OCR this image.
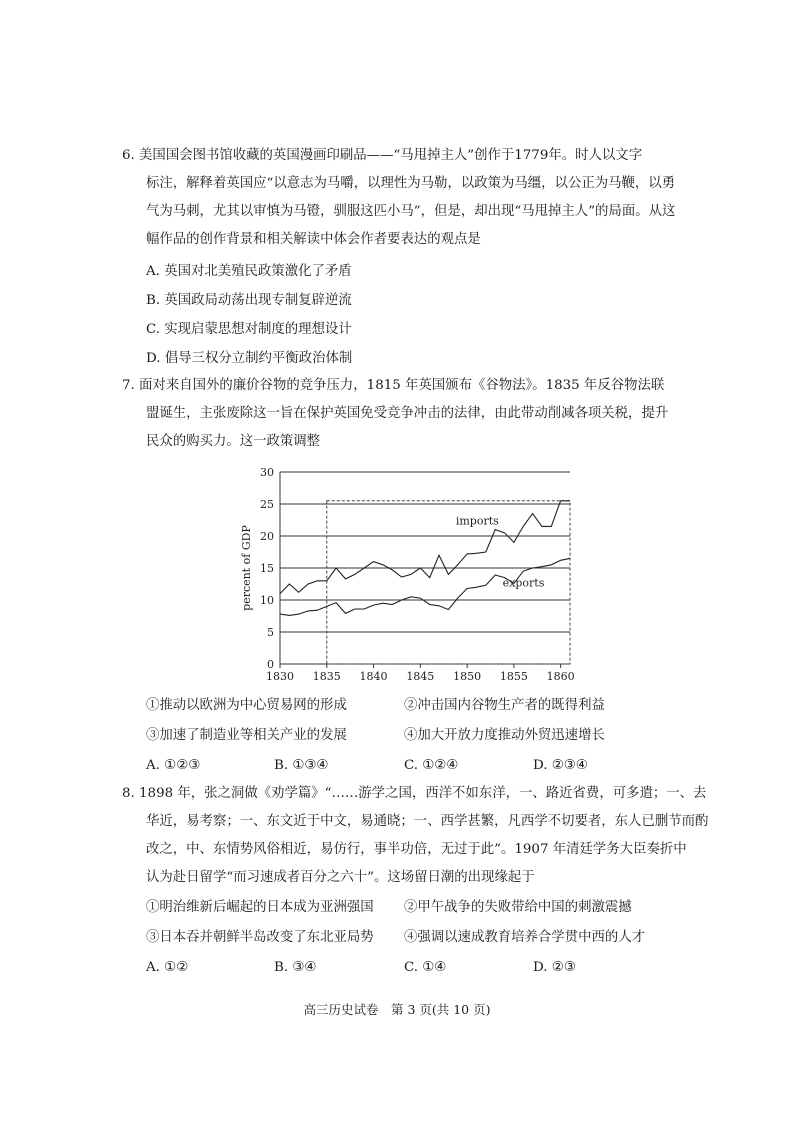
6. 美国国会图书馆收藏的英国漫画印刷品——“马甩掉主人”创作于1779年。时人以文字
标注，解释着英国应“以意志为马嚼，以理性为马勒，以政策为马缰，以公正为马鞭，以勇
气为马刺，尤其以审慎为马镫，驯服这匹小马”，但是，却出现“马甩掉主人”的局面。从这
幅作品的创作背景和相关解读中体会作者要表达的观点是
A. 英国对北美殖民政策激化了矛盾
B. 英国政局动荡出现专制复辟逆流
C. 实现启蒙思想对制度的理想设计
D. 倡导三权分立制约平衡政治体制
7. 面对来自国外的廉价谷物的竞争压力，1815 年英国颁布《谷物法》。1835 年反谷物法联
盟诞生，主张废除这一旨在保护英国免受竞争冲击的法律，由此带动削减各项关税，提升
民众的购买力。这一政策调整
0
5
10
15
20
25
30
1830 1835 1840 1845 1850 1855 1860
imports
exports
percent of GDP
①推动以欧洲为中心贸易网的形成	②冲击国内谷物生产者的既得利益
③加速了制造业等相关产业的发展	④加大开放力度推动外贸迅速增长
A. ①②③	B. ①③④	C. ①②④	D. ②③④
8. 1898 年，张之洞做《劝学篇》“……游学之国，西洋不如东洋，一、路近省费，可多遣；一、去
华近，易考察；一、东文近于中文，易通晓；一、西学甚繁，凡西学不切要者，东人已删节而酌
改之，中、东情势风俗相近，易仿行，事半功倍，无过于此”。1907 年清廷学务大臣奏折中
认为赴日留学“而习速成者百分之六十”。这场留日潮的出现缘起于
①明治维新后崛起的日本成为亚洲强国 ②甲午战争的失败带给中国的刺激震撼
③日本吞并朝鲜半岛改变了东北亚局势 ④强调以速成教育培养合学贯中西的人才
A. ①②	B. ③④	C. ①④	D. ②③
高三历史试卷　第 3 页(共 10 页)
